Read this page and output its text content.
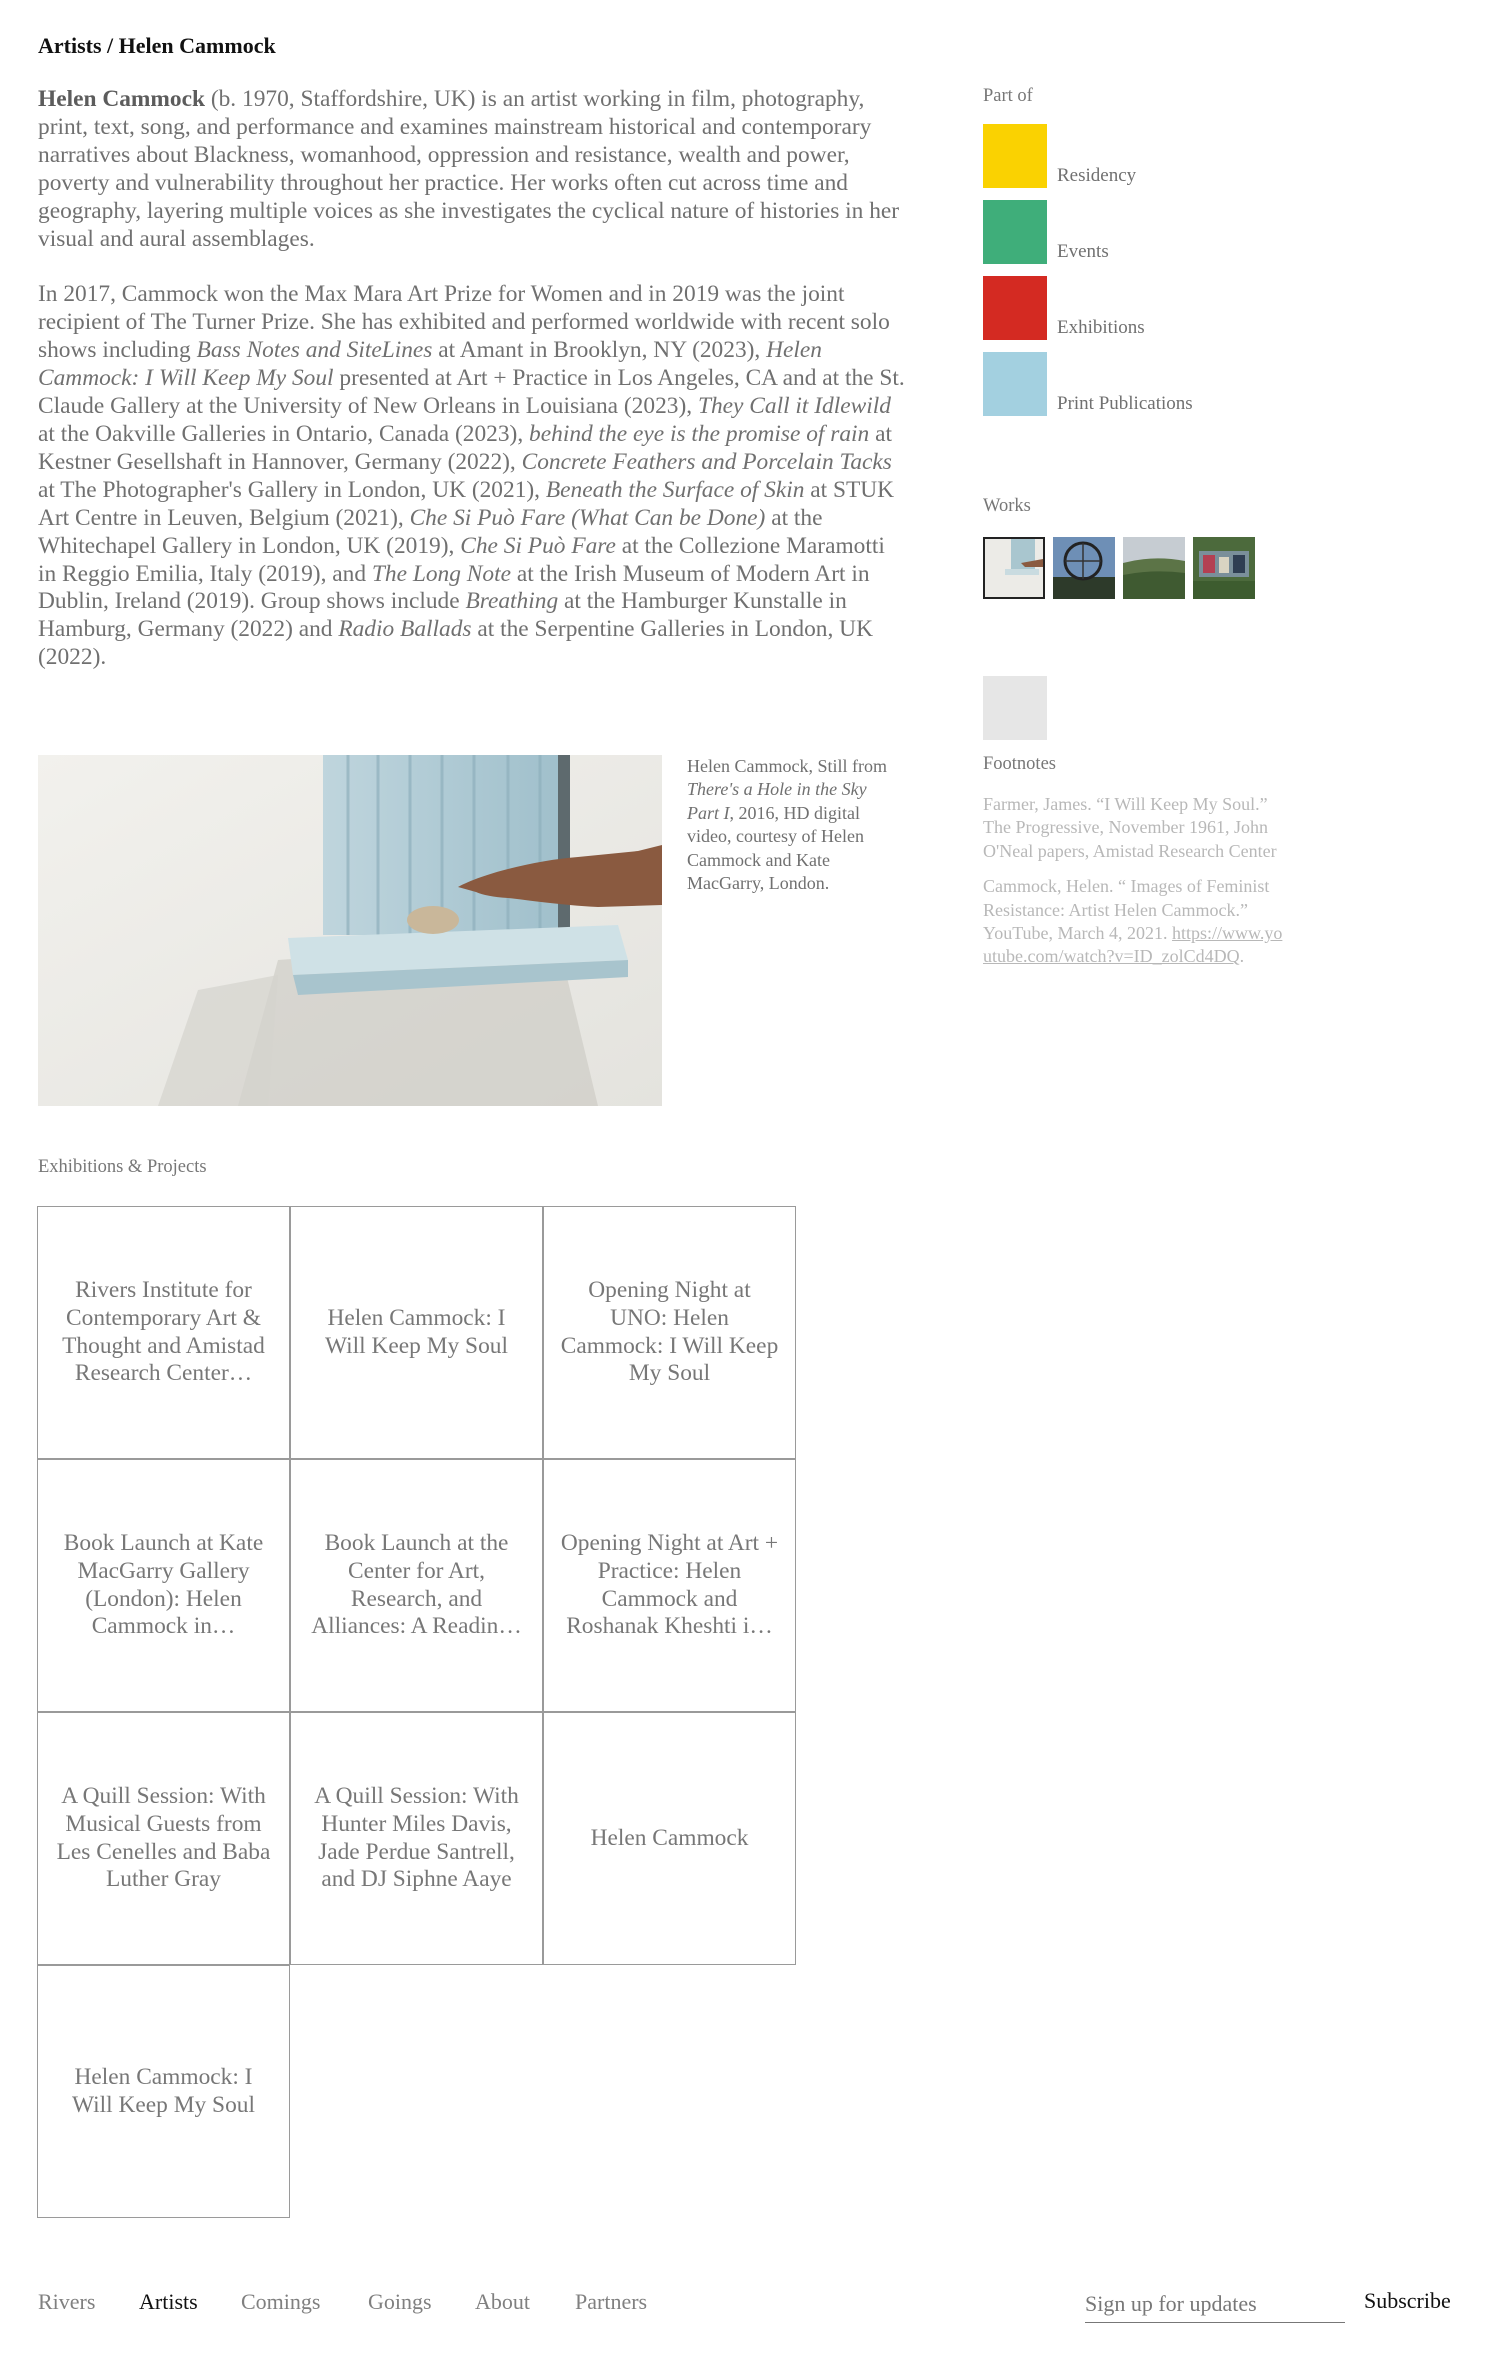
Artists / Helen Cammock

Helen Cammock (b. 1970, Staffordshire, UK) is an artist working in film, photography, print, text, song, and performance and examines mainstream historical and contemporary narratives about Blackness, womanhood, oppression and resistance, wealth and power, poverty and vulnerability throughout her practice. Her works often cut across time and geography, layering multiple voices as she investigates the cyclical nature of histories in her visual and aural assemblages.

In 2017, Cammock won the Max Mara Art Prize for Women and in 2019 was the joint recipient of The Turner Prize. She has exhibited and performed worldwide with recent solo shows including Bass Notes and SiteLines at Amant in Brooklyn, NY (2023), Helen Cammock: I Will Keep My Soul presented at Art + Practice in Los Angeles, CA and at the St. Claude Gallery at the University of New Orleans in Louisiana (2023), They Call it Idlewild at the Oakville Galleries in Ontario, Canada (2023), behind the eye is the promise of rain at Kestner Gesellshaft in Hannover, Germany (2022), Concrete Feathers and Porcelain Tacks at The Photographer's Gallery in London, UK (2021), Beneath the Surface of Skin at STUK Art Centre in Leuven, Belgium (2021), Che Si Può Fare (What Can be Done) at the Whitechapel Gallery in London, UK (2019), Che Si Può Fare at the Collezione Maramotti in Reggio Emilia, Italy (2019), and The Long Note at the Irish Museum of Modern Art in Dublin, Ireland (2019). Group shows include Breathing at the Hamburger Kunstalle in Hamburg, Germany (2022) and Radio Ballads at the Serpentine Galleries in London, UK (2022).

Helen Cammock, Still from There's a Hole in the Sky Part I, 2016, HD digital video, courtesy of Helen Cammock and Kate MacGarry, London.
Exhibitions & Projects
Rivers Institute for Contemporary Art & Thought and Amistad Research Center…
Helen Cammock: I Will Keep My Soul
Opening Night at UNO: Helen Cammock: I Will Keep My Soul
Book Launch at Kate MacGarry Gallery (London): Helen Cammock in…
Book Launch at the Center for Art, Research, and Alliances: A Readin…
Opening Night at Art + Practice: Helen Cammock and Roshanak Kheshti i…
A Quill Session: With Musical Guests from Les Cenelles and Baba Luther Gray
A Quill Session: With Hunter Miles Davis, Jade Perdue Santrell, and DJ Siphne Aaye
Helen Cammock
Helen Cammock: I Will Keep My Soul
Part of
Residency
Events
Exhibitions
Print Publications
Works
Footnotes

Farmer, James. “I Will Keep My Soul.” The Progressive, November 1961, John O'Neal papers, Amistad Research Center

Cammock, Helen. “ Images of Feminist Resistance: Artist Helen Cammock.” YouTube, March 4, 2021. https://www.youtube.com/watch?v=ID_zolCd4DQ.

Rivers Artists Comings Goings About Partners
Sign up for updates	Subscribe
